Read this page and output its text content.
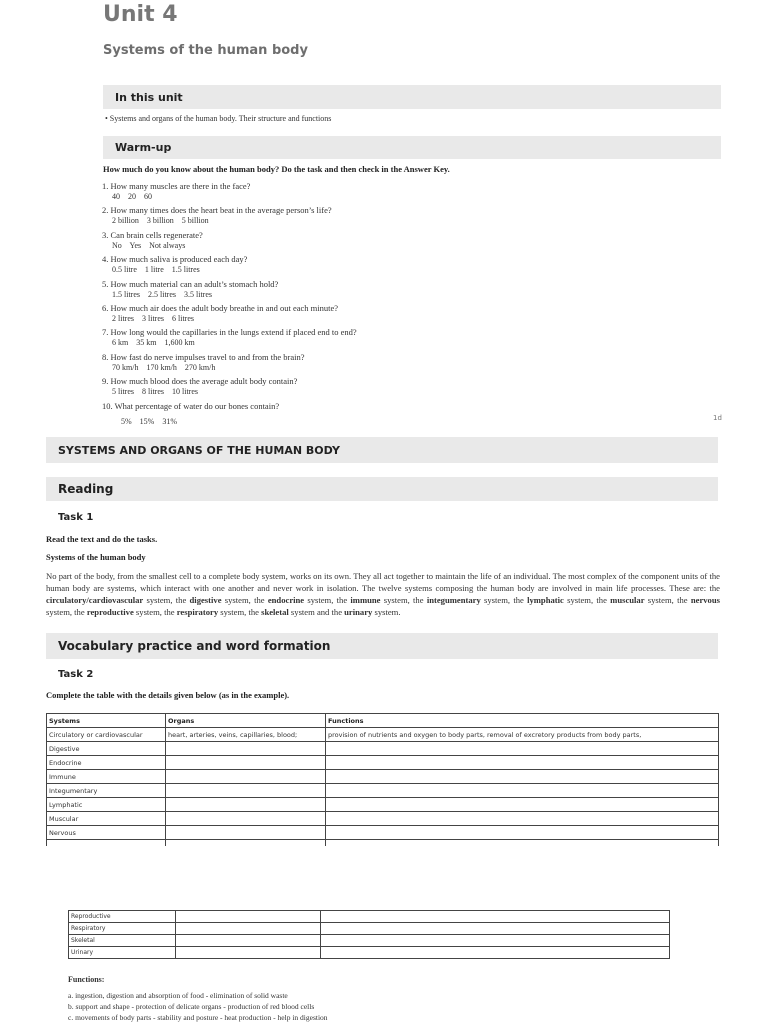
Unit 4
Systems of the human body
In this unit
• Systems and organs of the human body. Their structure and functions
Warm-up
How much do you know about the human body? Do the task and then check in the Answer Key.
1. How many muscles are there in the face?
40    20    60
2. How many times does the heart beat in the average person’s life?
2 billion    3 billion    5 billion
3. Can brain cells regenerate?
No    Yes    Not always
4. How much saliva is produced each day?
0.5 litre    1 litre    1.5 litres
5. How much material can an adult’s stomach hold?
1.5 litres    2.5 litres    3.5 litres
6. How much air does the adult body breathe in and out each minute?
2 litres    3 litres    6 litres
7. How long would the capillaries in the lungs extend if placed end to end?
6 km    35 km    1,600 km
8. How fast do nerve impulses travel to and from the brain?
70 km/h    170 km/h    270 km/h
9. How much blood does the average adult body contain?
5 litres    8 litres    10 litres
10. What percentage of water do our bones contain?
5%    15%    31%	1d
SYSTEMS AND ORGANS OF THE HUMAN BODY
Reading
Task 1
Read the text and do the tasks.
Systems of the human body
No part of the body, from the smallest cell to a complete body system, works on its own. They all act together to maintain the life of an individual. The most complex of the component units of the human body are systems, which interact with one another and never work in isolation. The twelve systems composing the human body are involved in main life processes. These are: the circulatory/cardiovascular system, the digestive system, the endocrine system, the immune system, the integumentary system, the lymphatic system, the muscular system, the nervous system, the reproductive system, the respiratory system, the skeletal system and the urinary system.
Vocabulary practice and word formation
Task 2
Complete the table with the details given below (as in the example).
Systems	Organs	Functions
Circulatory or cardiovascular	heart, arteries, veins, capillaries, blood;	provision of nutrients and oxygen to body parts, removal of excretory products from body parts,
Digestive		
Endocrine		
Immune		
Integumentary		
Lymphatic		
Muscular		
Nervous		

Reproductive		
Respiratory		
Skeletal		
Urinary		
Functions:
a. ingestion, digestion and absorption of food - elimination of solid waste
b. support and shape - protection of delicate organs - production of red blood cells
c. movements of body parts - stability and posture - heat production - help in digestion
